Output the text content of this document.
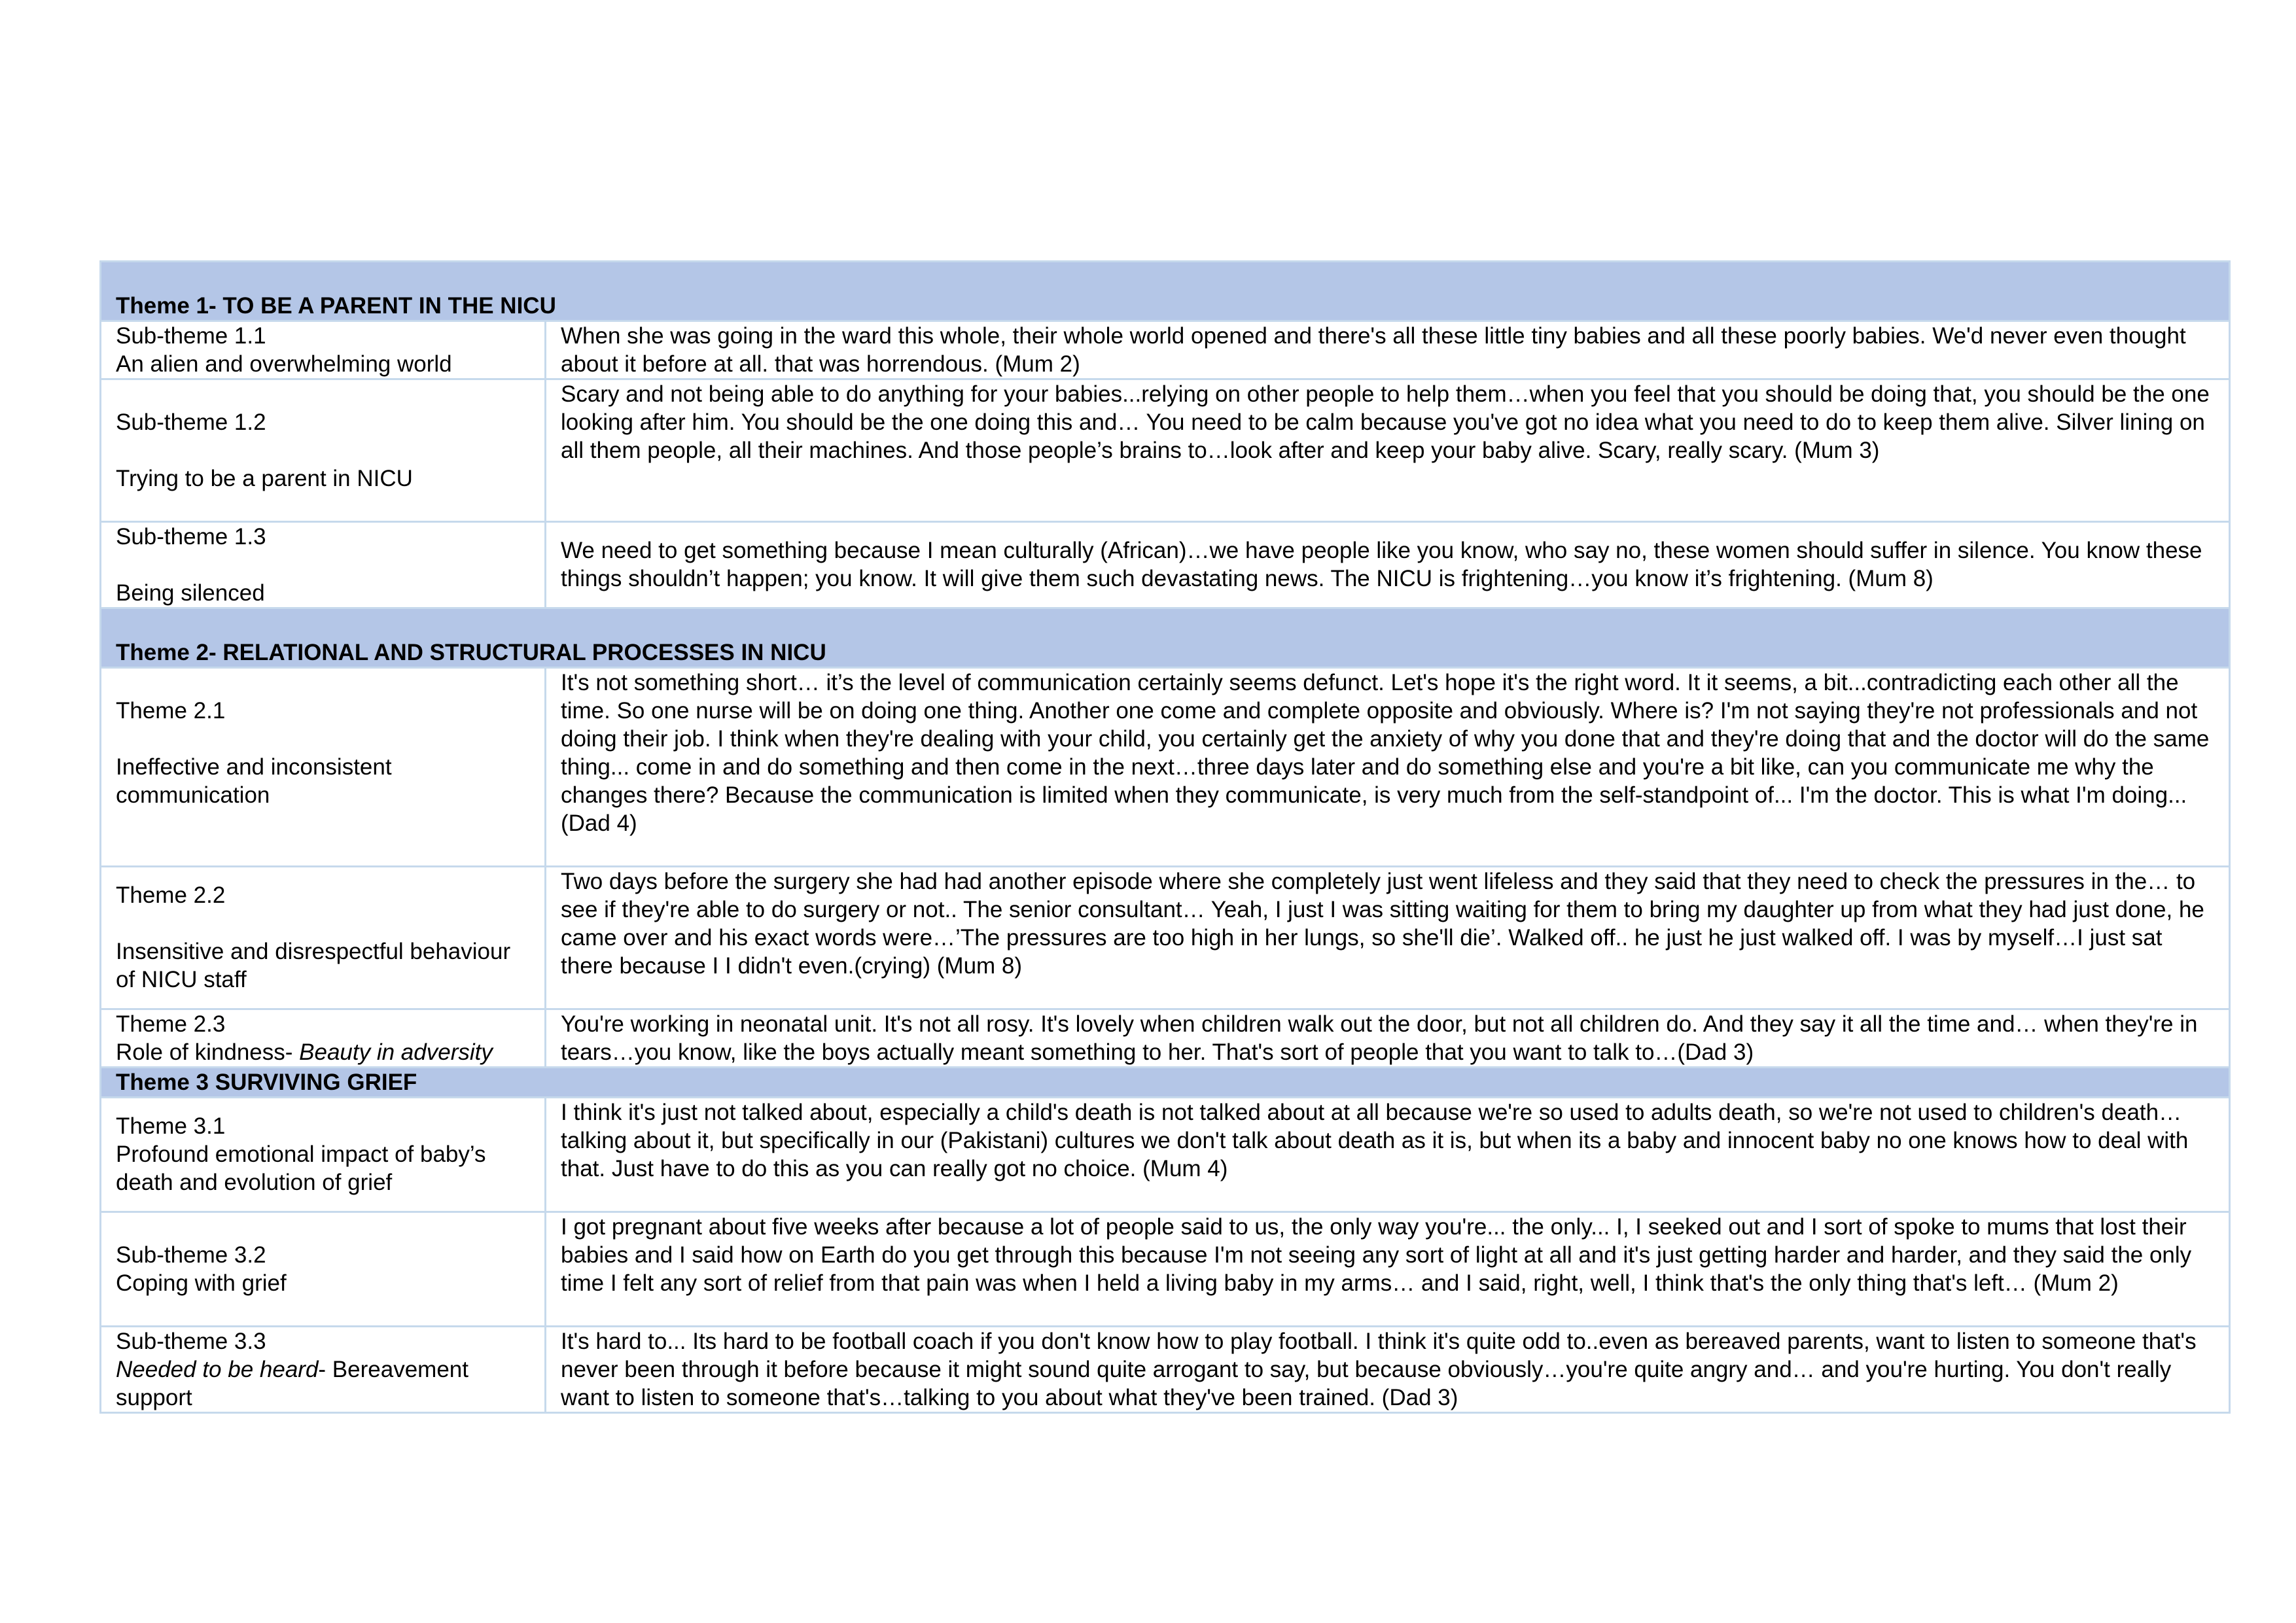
Theme 1- TO BE A PARENT IN THE NICU	

Sub-theme 1.1
An alien and overwhelming world	When she was going in the ward this whole, their whole world opened and there's all these little tiny babies and all these poorly babies. We'd never even thought about it before at all. that was horrendous. (Mum 2)

Sub-theme 1.2
Trying to be a parent in NICU	Scary and not being able to do anything for your babies...relying on other people to help them…when you feel that you should be doing that, you should be the one looking after him. You should be the one doing this and… You need to be calm because you've got no idea what you need to do to keep them alive. Silver lining on all them people, all their machines. And those people’s brains to…look after and keep your baby alive. Scary, really scary. (Mum 3)

Sub-theme 1.3
Being silenced	We need to get something because I mean culturally (African)…we have people like you know, who say no, these women should suffer in silence. You know these things shouldn’t happen; you know. It will give them such devastating news. The NICU is frightening…you know it’s frightening. (Mum 8)
Theme 2- RELATIONAL AND STRUCTURAL PROCESSES IN NICU	

Theme 2.1
Ineffective and inconsistent communication	It's not something short… it’s the level of communication certainly seems defunct. Let's hope it's the right word. It it seems, a bit...contradicting each other all the time. So one nurse will be on doing one thing. Another one come and complete opposite and obviously. Where is? I'm not saying they're not professionals and not doing their job. I think when they're dealing with your child, you certainly get the anxiety of why you done that and they're doing that and the doctor will do the same thing... come in and do something and then come in the next…three days later and do something else and you're a bit like, can you communicate me why the changes there? Because the communication is limited when they communicate, is very much from the self-standpoint of... I'm the doctor. This is what I'm doing...(Dad 4)

Theme 2.2
Insensitive and disrespectful behaviour of NICU staff	Two days before the surgery she had had another episode where she completely just went lifeless and they said that they need to check the pressures in the… to see if they're able to do surgery or not.. The senior consultant… Yeah, I just I was sitting waiting for them to bring my daughter up from what they had just done, he came over and his exact words were…’The pressures are too high in her lungs, so she'll die’. Walked off.. he just he just walked off. I was by myself…I just sat there because I I didn't even.(crying) (Mum 8)

Theme 2.3
Role of kindness- Beauty in adversity	You're working in neonatal unit. It's not all rosy. It's lovely when children walk out the door, but not all children do. And they say it all the time and… when they're in tears…you know, like the boys actually meant something to her. That's sort of people that you want to talk to…(Dad 3)
Theme 3 SURVIVING GRIEF	

Theme 3.1
Profound emotional impact of baby’s death and evolution of grief	I think it's just not talked about, especially a child's death is not talked about at all because we're so used to adults death, so we're not used to children's death…talking about it, but specifically in our (Pakistani) cultures we don't talk about death as it is, but when its a baby and innocent baby no one knows how to deal with that. Just have to do this as you can really got no choice. (Mum 4)

Sub-theme 3.2
Coping with grief	I got pregnant about five weeks after because a lot of people said to us, the only way you're... the only... I, I seeked out and I sort of spoke to mums that lost their babies and I said how on Earth do you get through this because I'm not seeing any sort of light at all and it's just getting harder and harder, and they said the only time I felt any sort of relief from that pain was when I held a living baby in my arms… and I said, right, well, I think that's the only thing that's left… (Mum 2)

Sub-theme 3.3
Needed to be heard- Bereavement support	It's hard to... Its hard to be football coach if you don't know how to play football. I think it's quite odd to..even as bereaved parents, want to listen to someone that's never been through it before because it might sound quite arrogant to say, but because obviously…you're quite angry and… and you're hurting. You don't really want to listen to someone that's…talking to you about what they've been trained. (Dad 3)
